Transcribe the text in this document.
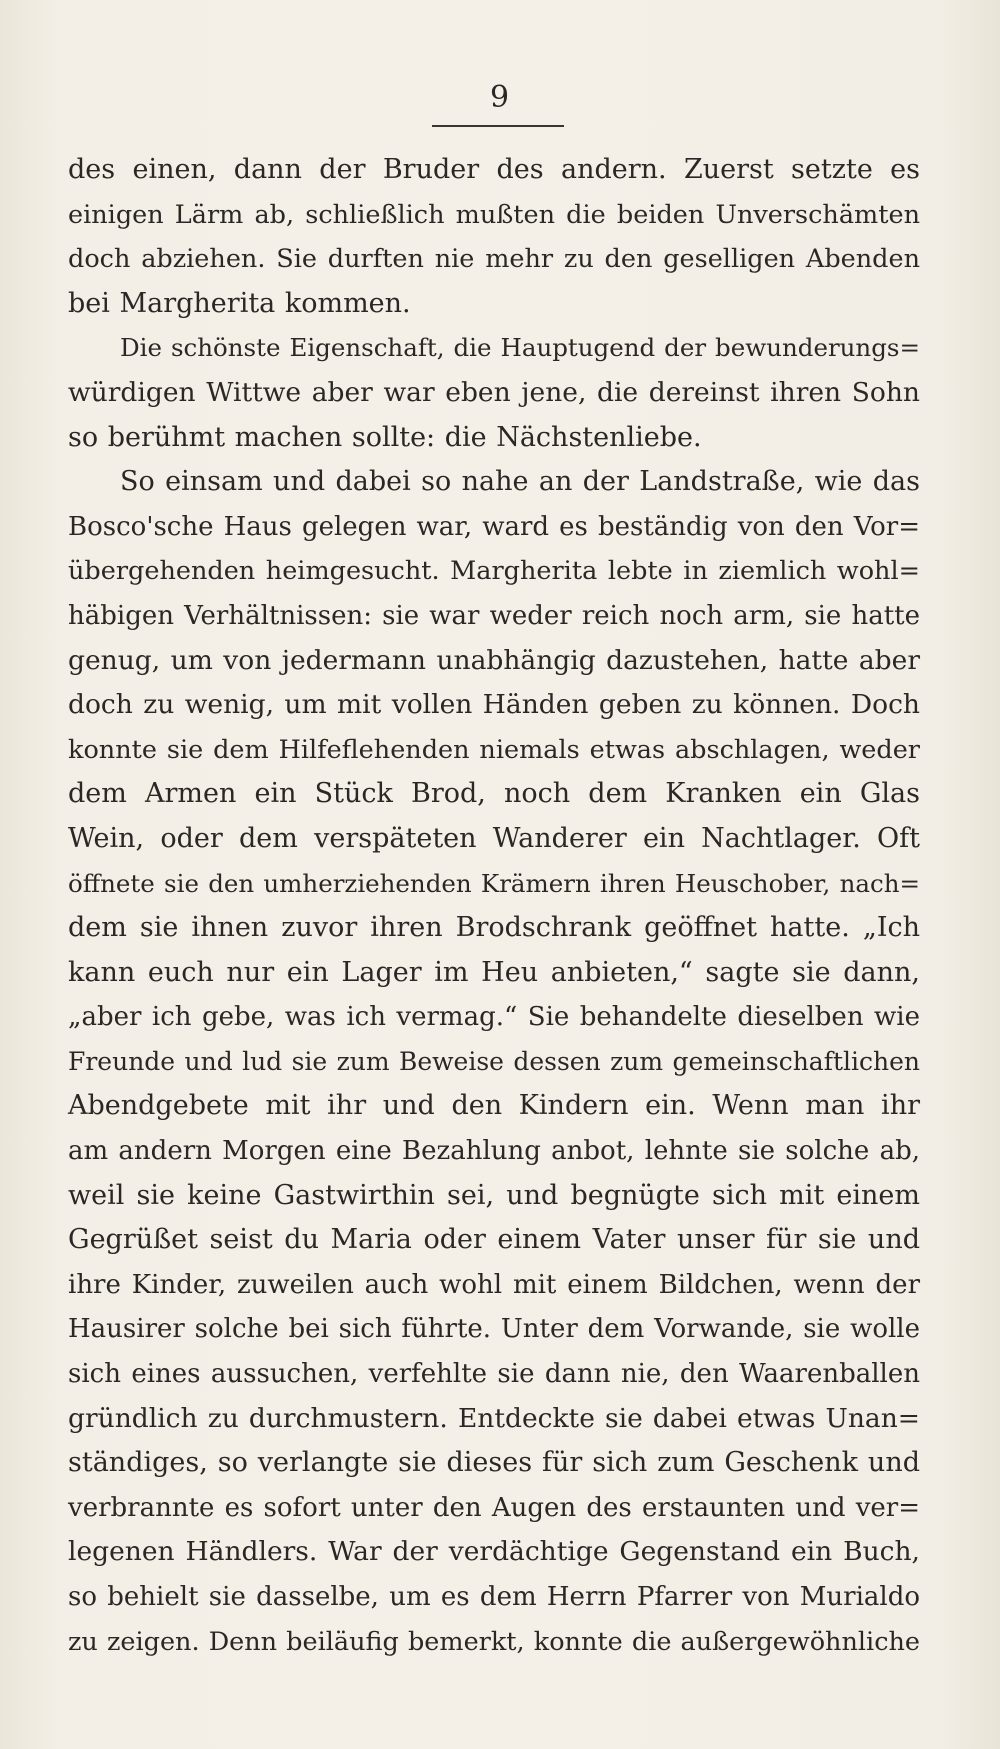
9
des einen, dann der Bruder des andern. Zuerst setzte es
einigen Lärm ab, schließlich mußten die beiden Unverschämten
doch abziehen. Sie durften nie mehr zu den geselligen Abenden
bei Margherita kommen.
Die schönste Eigenschaft, die Hauptugend der bewunderungs=
würdigen Wittwe aber war eben jene, die dereinst ihren Sohn
so berühmt machen sollte: die Nächstenliebe.
So einsam und dabei so nahe an der Landstraße, wie das
Bosco'sche Haus gelegen war, ward es beständig von den Vor=
übergehenden heimgesucht. Margherita lebte in ziemlich wohl=
häbigen Verhältnissen: sie war weder reich noch arm, sie hatte
genug, um von jedermann unabhängig dazustehen, hatte aber
doch zu wenig, um mit vollen Händen geben zu können. Doch
konnte sie dem Hilfeflehenden niemals etwas abschlagen, weder
dem Armen ein Stück Brod, noch dem Kranken ein Glas
Wein, oder dem verspäteten Wanderer ein Nachtlager. Oft
öffnete sie den umherziehenden Krämern ihren Heuschober, nach=
dem sie ihnen zuvor ihren Brodschrank geöffnet hatte. „Ich
kann euch nur ein Lager im Heu anbieten,“ sagte sie dann,
„aber ich gebe, was ich vermag.“ Sie behandelte dieselben wie
Freunde und lud sie zum Beweise dessen zum gemeinschaftlichen
Abendgebete mit ihr und den Kindern ein. Wenn man ihr
am andern Morgen eine Bezahlung anbot, lehnte sie solche ab,
weil sie keine Gastwirthin sei, und begnügte sich mit einem
Gegrüßet seist du Maria oder einem Vater unser für sie und
ihre Kinder, zuweilen auch wohl mit einem Bildchen, wenn der
Hausirer solche bei sich führte. Unter dem Vorwande, sie wolle
sich eines aussuchen, verfehlte sie dann nie, den Waarenballen
gründlich zu durchmustern. Entdeckte sie dabei etwas Unan=
ständiges, so verlangte sie dieses für sich zum Geschenk und
verbrannte es sofort unter den Augen des erstaunten und ver=
legenen Händlers. War der verdächtige Gegenstand ein Buch,
so behielt sie dasselbe, um es dem Herrn Pfarrer von Murialdo
zu zeigen. Denn beiläufig bemerkt, konnte die außergewöhnliche
